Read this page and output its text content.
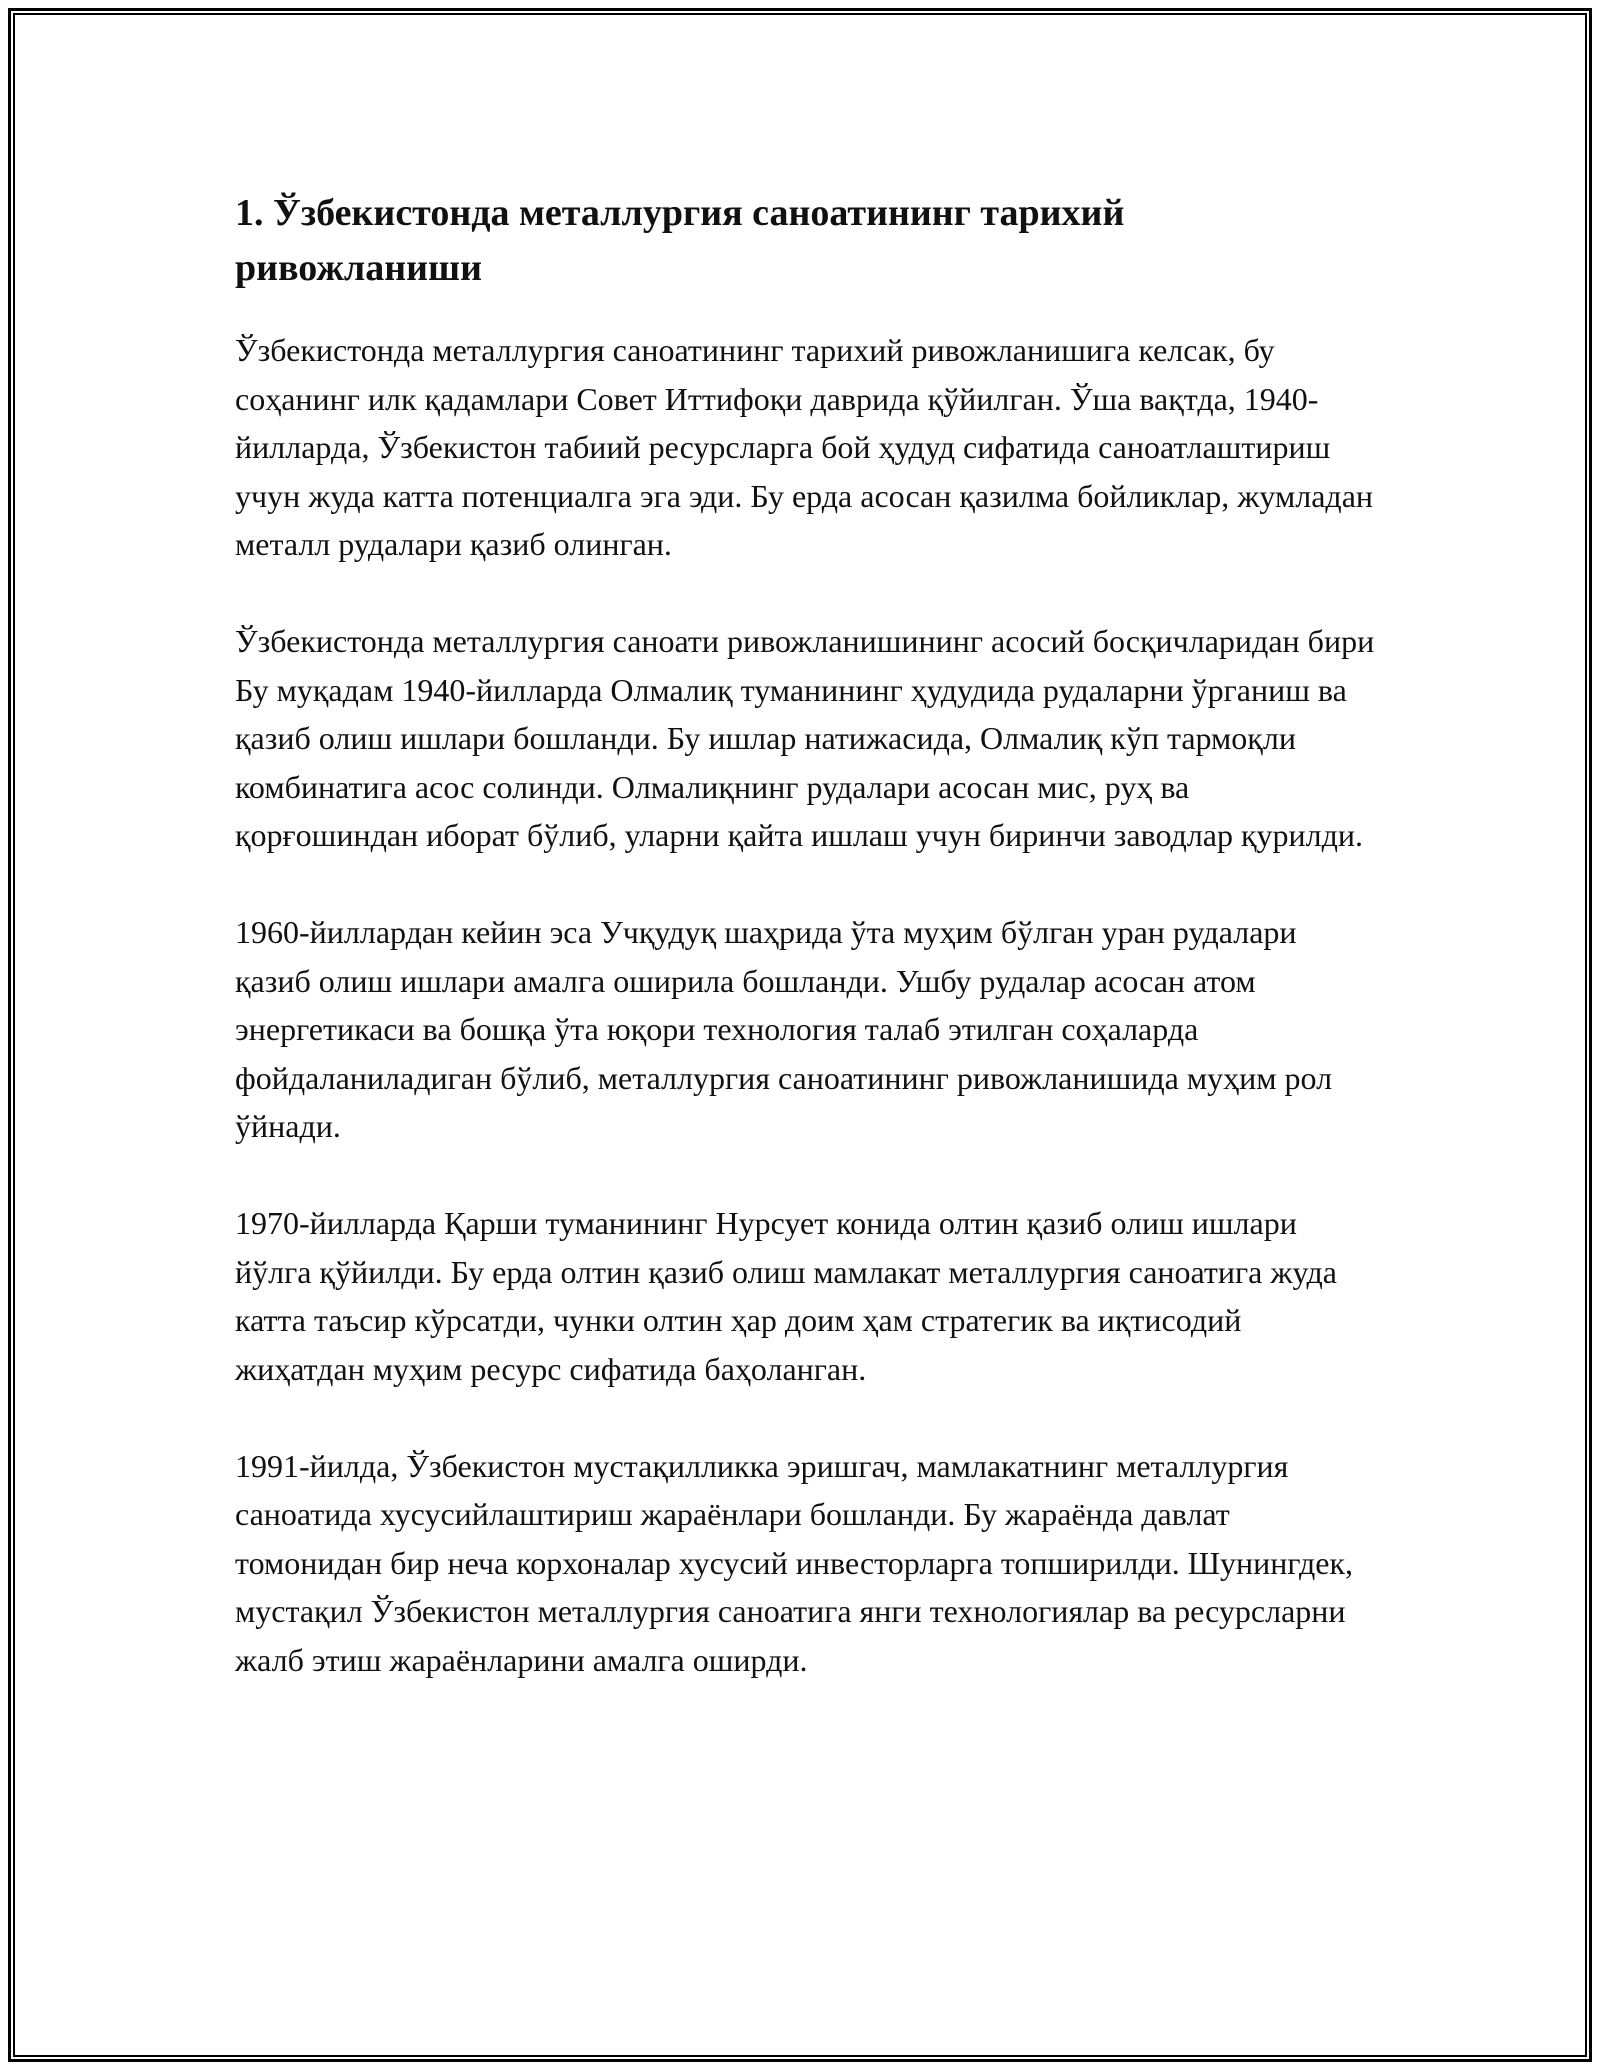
1. Ўзбекистонда металлургия саноатининг тарихий ривожланиши

Ўзбекистонда металлургия саноатининг тарихий ривожланишига келсак, бу соҳанинг илк қадамлари Совет Иттифоқи даврида қўйилган. Ўша вақтда, 1940-йилларда, Ўзбекистон табиий ресурсларга бой ҳудуд сифатида саноатлаштириш учун жуда катта потенциалга эга эди. Бу ерда асосан қазилма бойликлар, жумладан металл рудалари қазиб олинган.

Ўзбекистонда металлургия саноати ривожланишининг асосий босқичларидан бири Бу муқадам 1940-йилларда Олмалиқ туманининг ҳудудида рудаларни ўрганиш ва қазиб олиш ишлари бошланди. Бу ишлар натижасида, Олмалиқ кўп тармоқли комбинатига асос солинди. Олмалиқнинг рудалари асосан мис, руҳ ва қорғошиндан иборат бўлиб, уларни қайта ишлаш учун биринчи заводлар қурилди.

1960-йиллардан кейин эса Учқудуқ шаҳрида ўта муҳим бўлган уран рудалари қазиб олиш ишлари амалга оширила бошланди. Ушбу рудалар асосан атом энергетикаси ва бошқа ўта юқори технология талаб этилган соҳаларда фойдаланиладиган бўлиб, металлургия саноатининг ривожланишида муҳим рол ўйнади.

1970-йилларда Қарши туманининг Нурсует конида олтин қазиб олиш ишлари йўлга қўйилди. Бу ерда олтин қазиб олиш мамлакат металлургия саноатига жуда катта таъсир кўрсатди, чунки олтин ҳар доим ҳам стратегик ва иқтисодий жиҳатдан муҳим ресурс сифатида баҳоланган.

1991-йилда, Ўзбекистон мустақилликка эришгач, мамлакатнинг металлургия саноатида хусусийлаштириш жараёнлари бошланди. Бу жараёнда давлат томонидан бир неча корхоналар хусусий инвесторларга топширилди. Шунингдек, мустақил Ўзбекистон металлургия саноатига янги технологиялар ва ресурсларни жалб этиш жараёнларини амалга оширди.
